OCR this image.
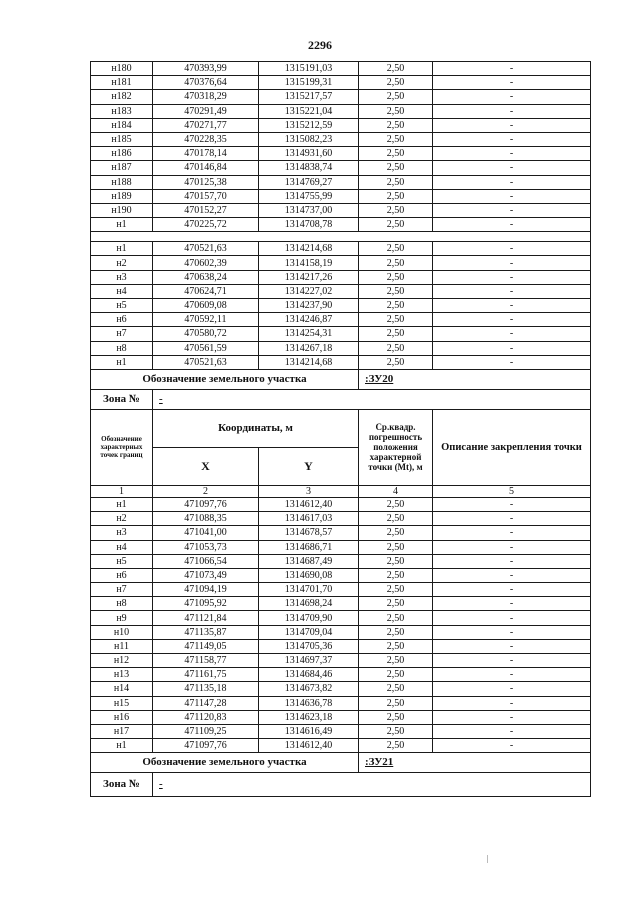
2296
н180	470393,99	1315191,03	2,50	-
н181	470376,64	1315199,31	2,50	-
н182	470318,29	1315217,57	2,50	-
н183	470291,49	1315221,04	2,50	-
н184	470271,77	1315212,59	2,50	-
н185	470228,35	1315082,23	2,50	-
н186	470178,14	1314931,60	2,50	-
н187	470146,84	1314838,74	2,50	-
н188	470125,38	1314769,27	2,50	-
н189	470157,70	1314755,99	2,50	-
н190	470152,27	1314737,00	2,50	-
н1	470225,72	1314708,78	2,50	-

н1	470521,63	1314214,68	2,50	-
н2	470602,39	1314158,19	2,50	-
н3	470638,24	1314217,26	2,50	-
н4	470624,71	1314227,02	2,50	-
н5	470609,08	1314237,90	2,50	-
н6	470592,11	1314246,87	2,50	-
н7	470580,72	1314254,31	2,50	-
н8	470561,59	1314267,18	2,50	-
н1	470521,63	1314214,68	2,50	-
Обозначение земельного участка			:ЗУ20	
Зона №	-			
Обозначение характерных точек границ	Координаты, м		Ср.квадр. погрешность положения характерной точки (Mt), м	Описание закрепления точки
	X	Y		
1	2	3	4	5
н1	471097,76	1314612,40	2,50	-
н2	471088,35	1314617,03	2,50	-
н3	471041,00	1314678,57	2,50	-
н4	471053,73	1314686,71	2,50	-
н5	471066,54	1314687,49	2,50	-
н6	471073,49	1314690,08	2,50	-
н7	471094,19	1314701,70	2,50	-
н8	471095,92	1314698,24	2,50	-
н9	471121,84	1314709,90	2,50	-
н10	471135,87	1314709,04	2,50	-
н11	471149,05	1314705,36	2,50	-
н12	471158,77	1314697,37	2,50	-
н13	471161,75	1314684,46	2,50	-
н14	471135,18	1314673,82	2,50	-
н15	471147,28	1314636,78	2,50	-
н16	471120,83	1314623,18	2,50	-
н17	471109,25	1314616,49	2,50	-
н1	471097,76	1314612,40	2,50	-
Обозначение земельного участка			:ЗУ21	
Зона №	-			
